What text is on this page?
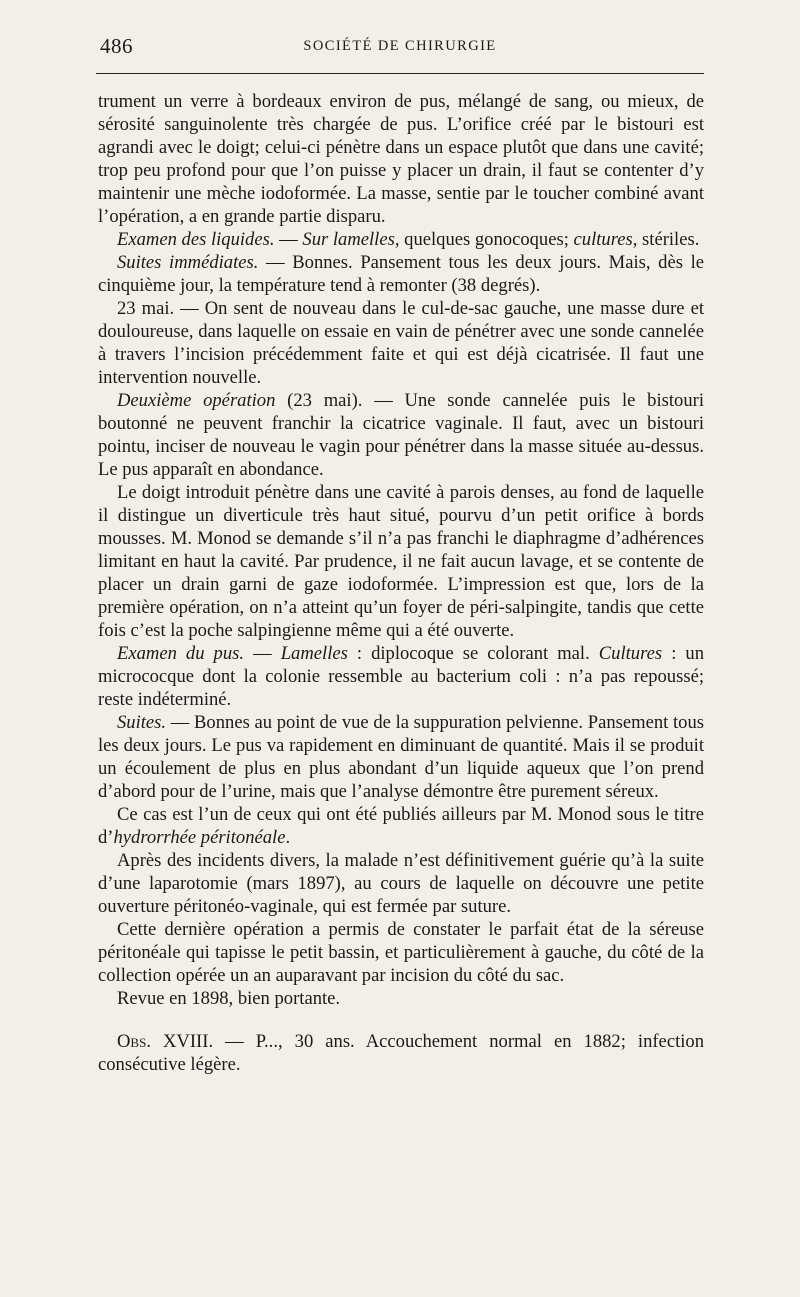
486	SOCIÉTÉ DE CHIRURGIE

trument un verre à bordeaux environ de pus, mélangé de sang, ou mieux, de sérosité sanguinolente très chargée de pus. L’orifice créé par le bistouri est agrandi avec le doigt; celui-ci pénètre dans un espace plutôt que dans une cavité; trop peu profond pour que l’on puisse y placer un drain, il faut se contenter d’y maintenir une mèche iodoformée. La masse, sentie par le toucher combiné avant l’opération, a en grande partie disparu.

Examen des liquides. — Sur lamelles, quelques gonocoques; cultures, stériles.

Suites immédiates. — Bonnes. Pansement tous les deux jours. Mais, dès le cinquième jour, la température tend à remonter (38 degrés).

23 mai. — On sent de nouveau dans le cul-de-sac gauche, une masse dure et douloureuse, dans laquelle on essaie en vain de pénétrer avec une sonde cannelée à travers l’incision précédemment faite et qui est déjà cicatrisée. Il faut une intervention nouvelle.

Deuxième opération (23 mai). — Une sonde cannelée puis le bistouri boutonné ne peuvent franchir la cicatrice vaginale. Il faut, avec un bistouri pointu, inciser de nouveau le vagin pour pénétrer dans la masse située au-dessus. Le pus apparaît en abondance.

Le doigt introduit pénètre dans une cavité à parois denses, au fond de laquelle il distingue un diverticule très haut situé, pourvu d’un petit orifice à bords mousses. M. Monod se demande s’il n’a pas franchi le diaphragme d’adhérences limitant en haut la cavité. Par prudence, il ne fait aucun lavage, et se contente de placer un drain garni de gaze iodoformée. L’impression est que, lors de la première opération, on n’a atteint qu’un foyer de péri-salpingite, tandis que cette fois c’est la poche salpingienne même qui a été ouverte.

Examen du pus. — Lamelles : diplocoque se colorant mal. Cultures : un micrococque dont la colonie ressemble au bacterium coli : n’a pas repoussé; reste indéterminé.

Suites. — Bonnes au point de vue de la suppuration pelvienne. Pansement tous les deux jours. Le pus va rapidement en diminuant de quantité. Mais il se produit un écoulement de plus en plus abondant d’un liquide aqueux que l’on prend d’abord pour de l’urine, mais que l’analyse démontre être purement séreux.

Ce cas est l’un de ceux qui ont été publiés ailleurs par M. Monod sous le titre d’hydrorrhée péritonéale.

Après des incidents divers, la malade n’est définitivement guérie qu’à la suite d’une laparotomie (mars 1897), au cours de laquelle on découvre une petite ouverture péritonéo-vaginale, qui est fermée par suture.

Cette dernière opération a permis de constater le parfait état de la séreuse péritonéale qui tapisse le petit bassin, et particulièrement à gauche, du côté de la collection opérée un an auparavant par incision du côté du sac.

Revue en 1898, bien portante.

Obs. XVIII. — P..., 30 ans. Accouchement normal en 1882; infection consécutive légère.
